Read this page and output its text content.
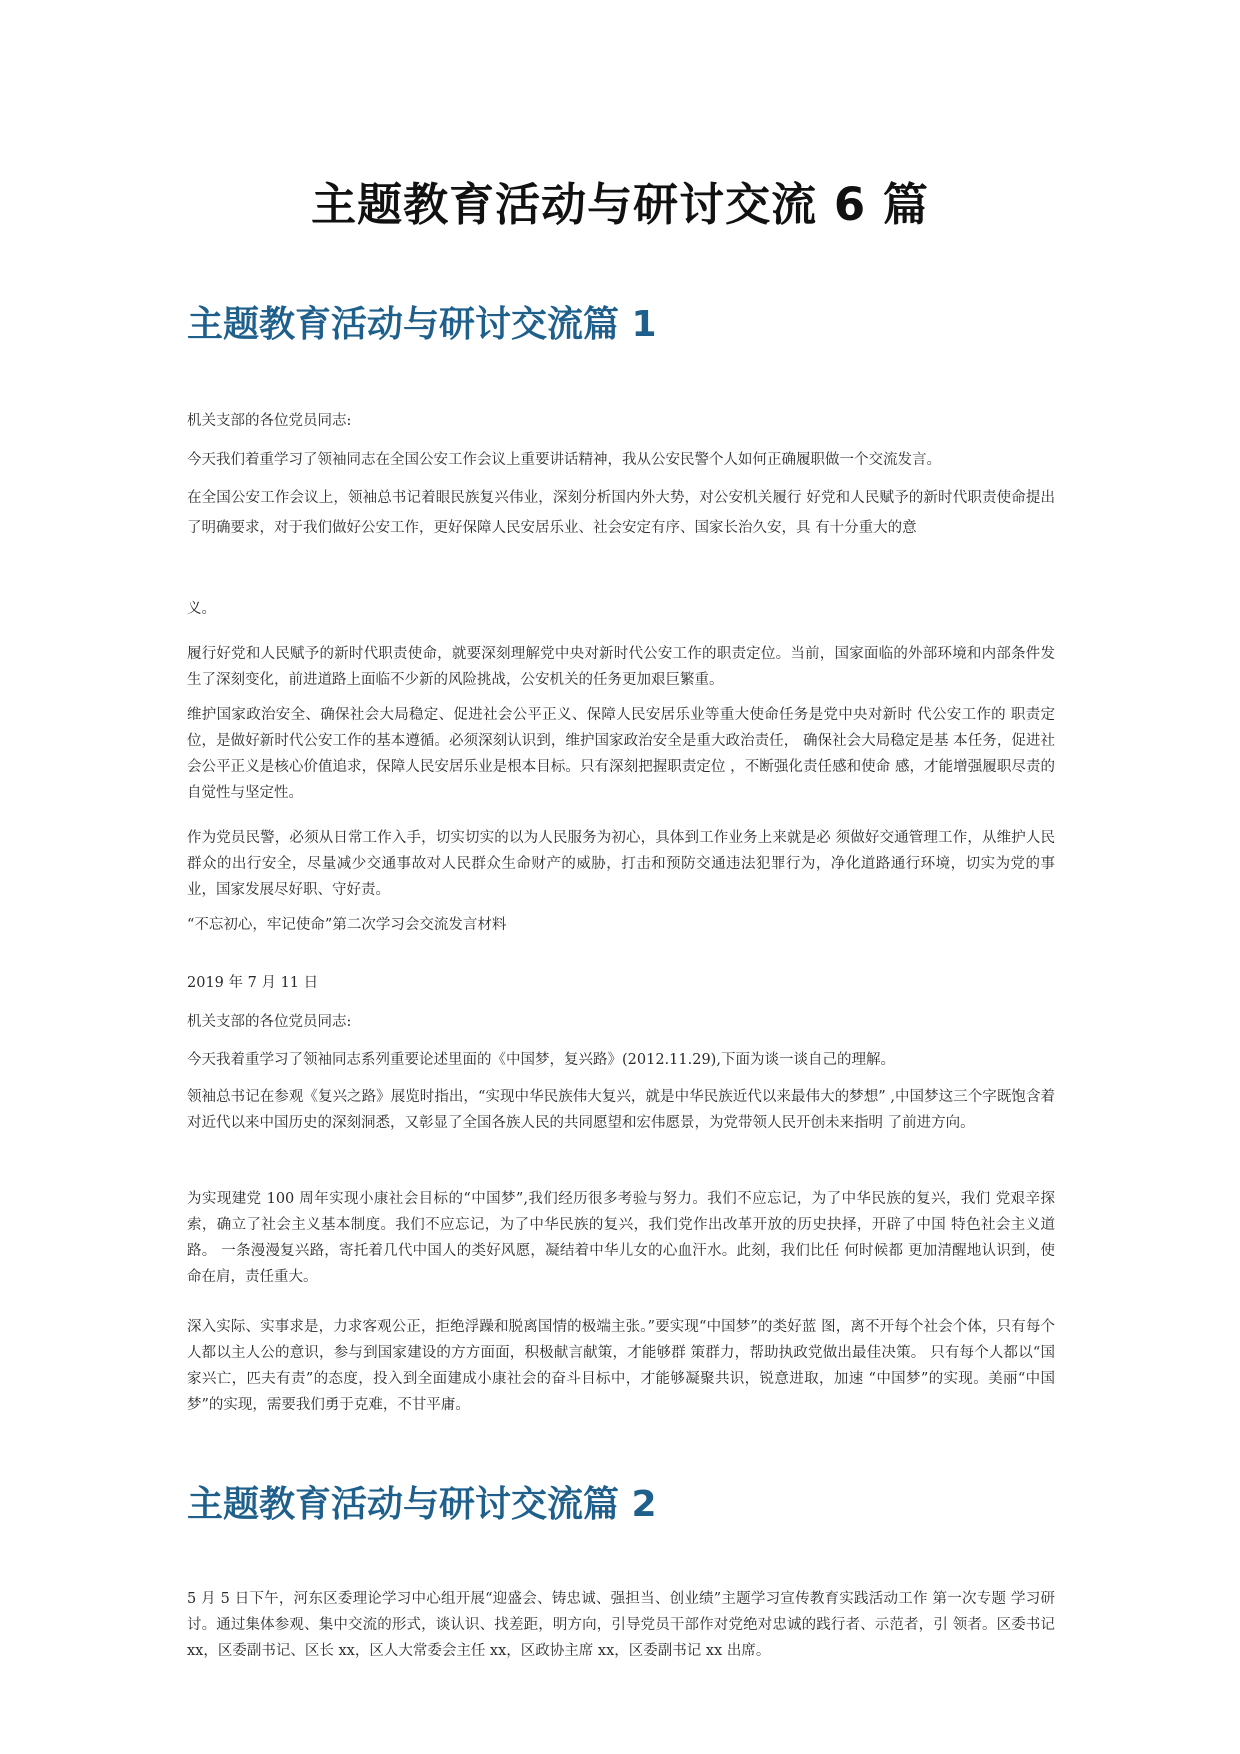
主题教育活动与研讨交流 6 篇
主题教育活动与研讨交流篇 1

机关支部的各位党员同志:

今天我们着重学习了领袖同志在全国公安工作会议上重要讲话精神，我从公安民警个人如何正确履职做一个交流发言。

在全国公安工作会议上，领袖总书记着眼民族复兴伟业，深刻分析国内外大势，对公安机关履行 好党和人民赋予的新时代职责使命提出了明确要求，对于我们做好公安工作，更好保障人民安居乐业、社会安定有序、国家长治久安，具 有十分重大的意

义。

履行好党和人民赋予的新时代职责使命，就要深刻理解党中央对新时代公安工作的职责定位。当前，国家面临的外部环境和内部条件发生了深刻变化，前进道路上面临不少新的风险挑战，公安机关的任务更加艰巨繁重。

维护国家政治安全、确保社会大局稳定、促进社会公平正义、保障人民安居乐业等重大使命任务是党中央对新时 代公安工作的 职责定位，是做好新时代公安工作的基本遵循。必须深刻认识到，维护国家政治安全是重大政治责任， 确保社会大局稳定是基 本任务，促进社会公平正义是核心价值追求，保障人民安居乐业是根本目标。只有深刻把握职责定位 ，不断强化责任感和使命 感，才能增强履职尽责的自觉性与坚定性。

作为党员民警，必须从日常工作入手，切实切实的以为人民服务为初心，具体到工作业务上来就是必 须做好交通管理工作，从维护人民群众的出行安全，尽量减少交通事故对人民群众生命财产的威胁，打击和预防交通违法犯罪行为，净化道路通行环境，切实为党的事业，国家发展尽好职、守好责。

“不忘初心，牢记使命”第二次学习会交流发言材料

2019 年 7 月 11 日

机关支部的各位党员同志:

今天我着重学习了领袖同志系列重要论述里面的《中国梦，复兴路》(2012.11.29),下面为谈一谈自己的理解。

领袖总书记在参观《复兴之路》展览时指出，“实现中华民族伟大复兴，就是中华民族近代以来最伟大的梦想” ,中国梦这三个字既饱含着对近代以来中国历史的深刻洞悉，又彰显了全国各族人民的共同愿望和宏伟愿景，为党带领人民开创未来指明 了前进方向。

为实现建党 100 周年实现小康社会目标的“中国梦”,我们经历很多考验与努力。我们不应忘记，为了中华民族的复兴，我们 党艰辛探索，确立了社会主义基本制度。我们不应忘记，为了中华民族的复兴，我们党作出改革开放的历史抉择，开辟了中国 特色社会主义道路。 一条漫漫复兴路，寄托着几代中国人的类好风愿，凝结着中华儿女的心血汗水。此刻，我们比任 何时候都 更加清醒地认识到，使命在肩，责任重大。

深入实际、实事求是，力求客观公正，拒绝浮躁和脱离国情的极端主张。”要实现“中国梦”的类好蓝 图，离不开每个社会个体，只有每个人都以主人公的意识，参与到国家建设的方方面面，积极献言献策，才能够群 策群力，帮助执政党做出最佳决策。 只有每个人都以“国家兴亡，匹夫有责”的态度，投入到全面建成小康社会的奋斗目标中，才能够凝聚共识，锐意进取，加速 “中国梦”的实现。美丽“中国梦”的实现，需要我们勇于克难，不甘平庸。

主题教育活动与研讨交流篇 2

5 月 5 日下午，河东区委理论学习中心组开展“迎盛会、铸忠诚、强担当、创业绩”主题学习宣传教育实践活动工作 第一次专题 学习研讨。通过集体参观、集中交流的形式，谈认识、找差距，明方向，引导党员干部作对党绝对忠诚的践行者、示范者，引 领者。区委书记 xx，区委副书记、区长 xx，区人大常委会主任 xx，区政协主席 xx，区委副书记 xx 出席。
